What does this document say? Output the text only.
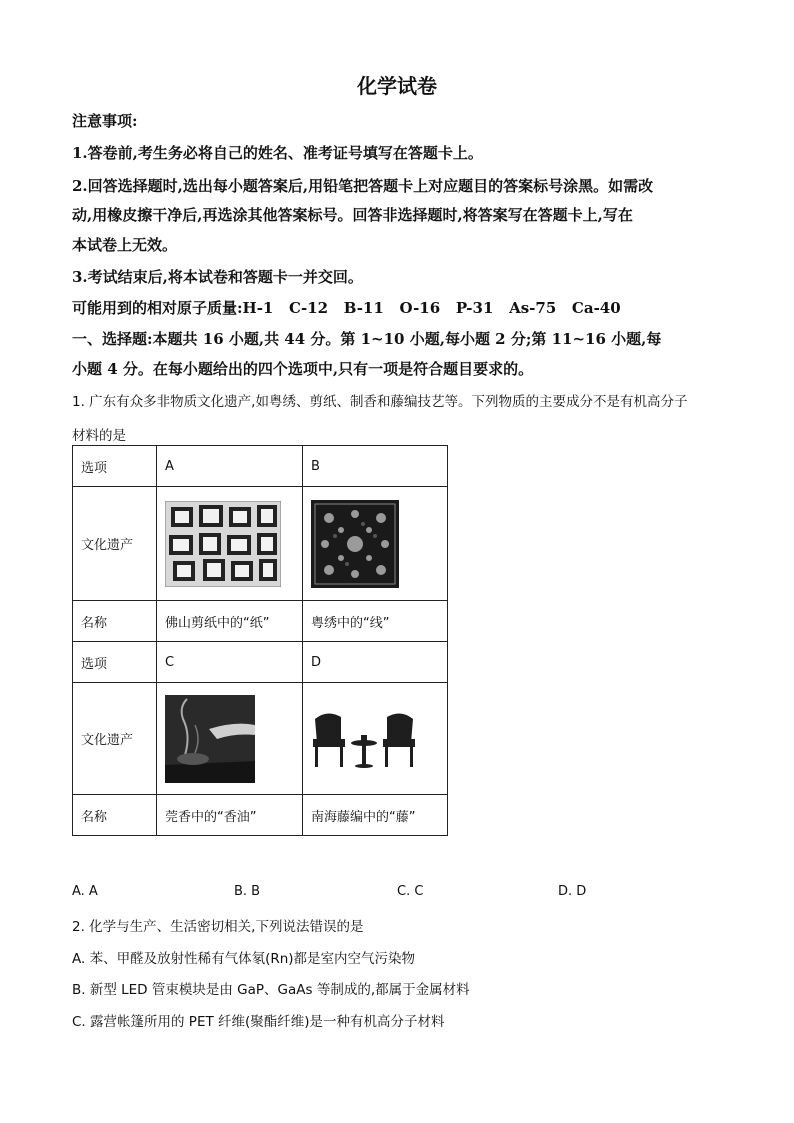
化学试卷
注意事项:
1.答卷前,考生务必将自己的姓名、准考证号填写在答题卡上。
2.回答选择题时,选出每小题答案后,用铅笔把答题卡上对应题目的答案标号涂黑。如需改
动,用橡皮擦干净后,再选涂其他答案标号。回答非选择题时,将答案写在答题卡上,写在
本试卷上无效。
3.考试结束后,将本试卷和答题卡一并交回。
可能用到的相对原子质量:H-1   C-12   B-11   O-16   P-31   As-75   Ca-40
一、选择题:本题共 16 小题,共 44 分。第 1~10 小题,每小题 2 分;第 11~16 小题,每
小题 4 分。在每小题给出的四个选项中,只有一项是符合题目要求的。
1. 广东有众多非物质文化遗产,如粤绣、剪纸、制香和藤编技艺等。下列物质的主要成分不是有机高分子
材料的是
选项	A	B
文化遗产	

名称	佛山剪纸中的“纸”	粤绣中的“线”
选项	C	D
文化遗产	

名称	莞香中的“香油”	南海藤编中的“藤”
A. A	B. B	C. C	D. D
2. 化学与生产、生活密切相关,下列说法错误的是
A. 苯、甲醛及放射性稀有气体氡(Rn)都是室内空气污染物
B. 新型 LED 管束模块是由 GaP、GaAs 等制成的,都属于金属材料
C. 露营帐篷所用的 PET 纤维(聚酯纤维)是一种有机高分子材料
